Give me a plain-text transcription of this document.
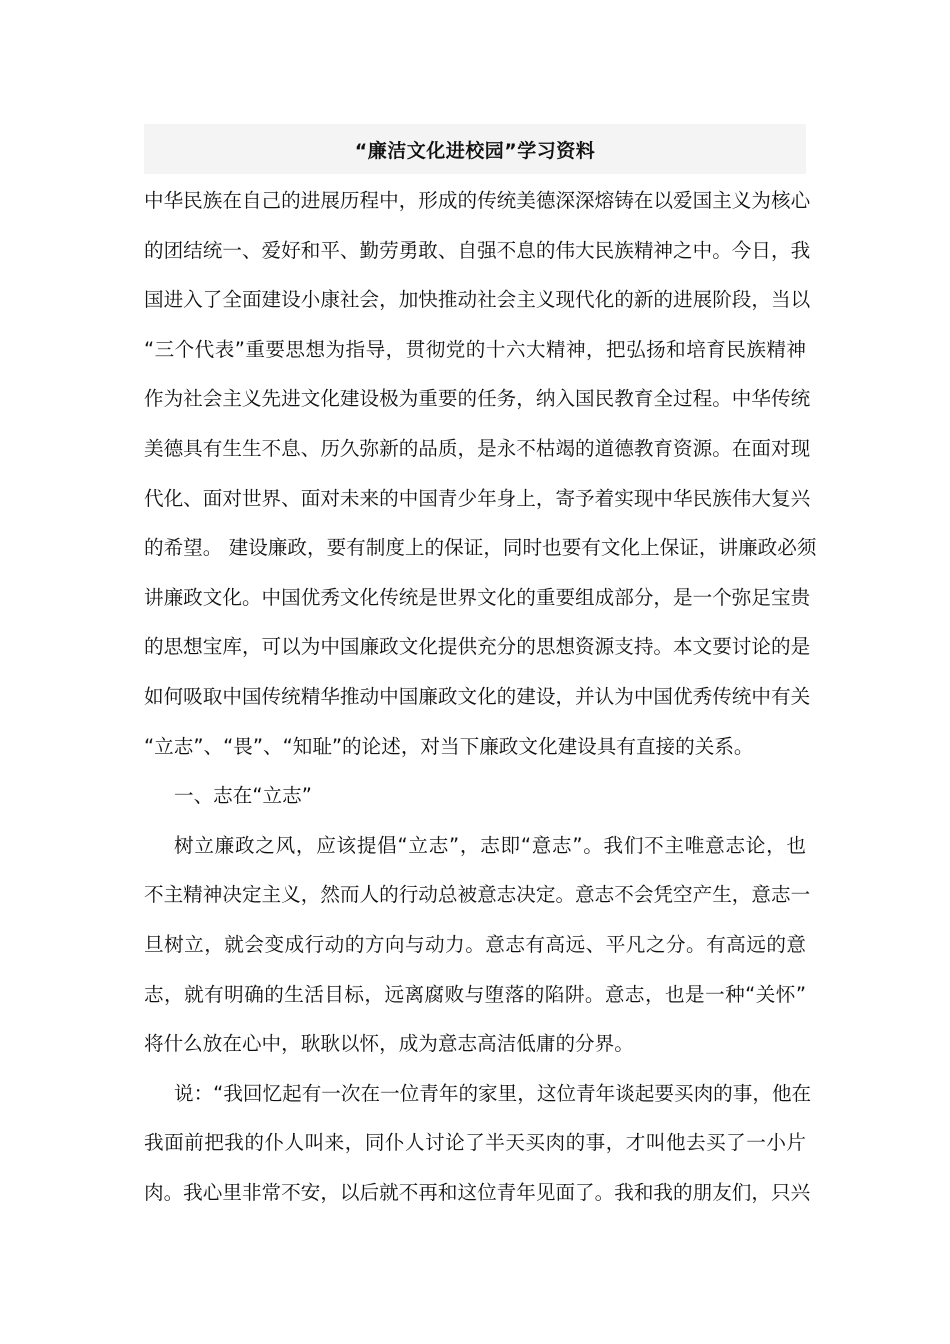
“廉洁文化进校园”学习资料
中华民族在自己的进展历程中，形成的传统美德深深熔铸在以爱国主义为核心
的团结统一、爱好和平、勤劳勇敢、自强不息的伟大民族精神之中。今日，我
国进入了全面建设小康社会，加快推动社会主义现代化的新的进展阶段，当以
“三个代表”重要思想为指导，贯彻党的十六大精神，把弘扬和培育民族精神
作为社会主义先进文化建设极为重要的任务，纳入国民教育全过程。中华传统
美德具有生生不息、历久弥新的品质，是永不枯竭的道德教育资源。在面对现
代化、面对世界、面对未来的中国青少年身上，寄予着实现中华民族伟大复兴
的希望。 建设廉政，要有制度上的保证，同时也要有文化上保证，讲廉政必须
讲廉政文化。中国优秀文化传统是世界文化的重要组成部分，是一个弥足宝贵
的思想宝库，可以为中国廉政文化提供充分的思想资源支持。本文要讨论的是
如何吸取中国传统精华推动中国廉政文化的建设，并认为中国优秀传统中有关
“立志”、“畏”、“知耻”的论述，对当下廉政文化建设具有直接的关系。
一、志在“立志”
树立廉政之风，应该提倡“立志”，志即“意志”。我们不主唯意志论，也
不主精神决定主义，然而人的行动总被意志决定。意志不会凭空产生，意志一
旦树立，就会变成行动的方向与动力。意志有高远、平凡之分。有高远的意
志，就有明确的生活目标，远离腐败与堕落的陷阱。意志，也是一种“关怀”
将什么放在心中，耿耿以怀，成为意志高洁低庸的分界。
说：“我回忆起有一次在一位青年的家里，这位青年谈起要买肉的事，他在
我面前把我的仆人叫来，同仆人讨论了半天买肉的事，才叫他去买了一小片
肉。我心里非常不安，以后就不再和这位青年见面了。我和我的朋友们，只兴
